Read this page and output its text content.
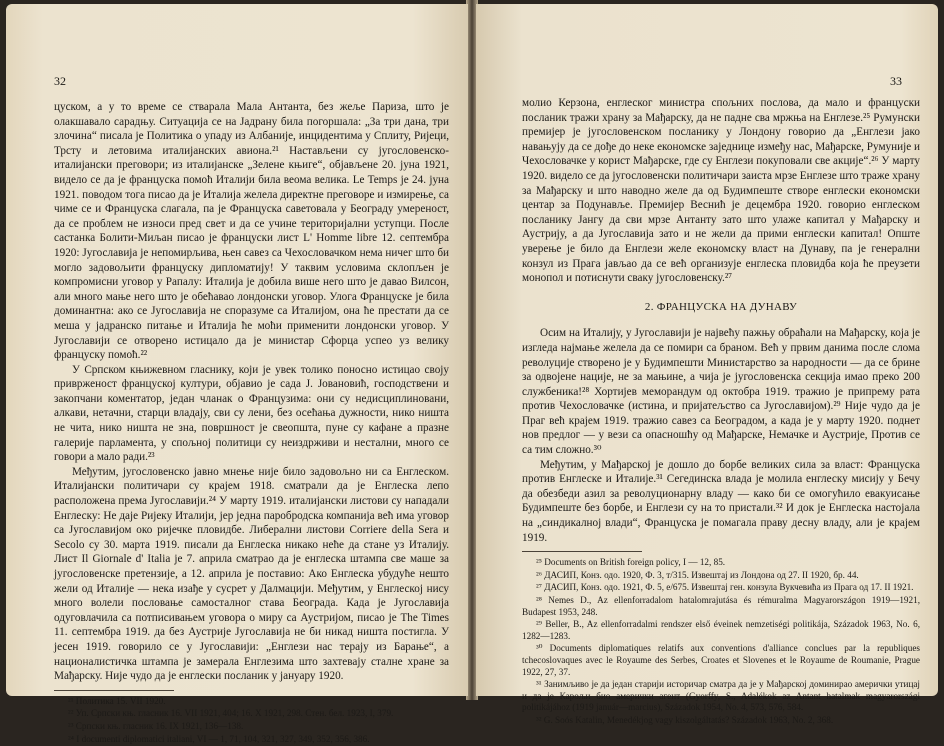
32

цуском, а у то време се стварала Мала Антанта, без жеље Париза, што је олакшавало сарадњу. Ситуација се на Јадрану била погоршала: „За три дана, три злочина“ писала је Политика о упаду из Албаније, инцидентима у Сплиту, Ријеци, Трсту и летовима италијанских авиона.²¹ Настављени су југословенско-италијански преговори; из италијанске „Зелене књиге“, објављене 20. јуна 1921, видело се да је француска помоћ Италији била веома велика. Le Temps је 24. јуна 1921. поводом тога писао да је Италија желела директне преговоре и измирење, са чиме се и Француска слагала, па је Француска саветовала у Београду умереност, да се проблем не износи пред свет и да се учине територијални уступци. После састанка Болити-Миљан писао је француски лист L' Homme libre 12. септембра 1920: Југославија је непомирљива, њен савез са Чехословачком нема ничег што би могло задовољити француску дипломатију! У таквим условима склопљен је компромисни уговор у Рапалу: Италија је добила више него што је давао Вилсон, али много мање него што је обећавао лондонски уговор. Улога Француске је била доминантна: ако се Југославија не споразуме са Италијом, она ће престати да се меша у јадранско питање и Италија ће моћи применити лондонски уговор. У Југославији се отворено истицало да је министар Сфорца успео уз велику француску помоћ.²²

У Српском књижевном гласнику, који је увек толико поносно истицао своју привржeност француској култури, објавио је сада Ј. Јовановић, господствени и закопчани коментатор, један чланак о Французима: они су недисциплиновани, алкави, нетачни, старци владају, сви су лени, без осећања дужности, нико ништа не чита, нико ништа не зна, површност је свеопшта, пуне су кафане а празне галерије парламента, у спољној политици су неиздрживи и нестални, много се говори а мало ради.²³

Међутим, југословенско јавно мнење није било задовољно ни са Енглеском. Италијански политичари су крајем 1918. сматрали да је Енглеска лепо расположена према Југославији.²⁴ У марту 1919. италијански листови су нападали Енглеску: Не даје Ријеку Италији, јер једна паробродска компанија већ има уговор са Југославијом око ријечке пловидбе. Либерални листови Corriere della Sera и Secolo су 30. марта 1919. писали да Енглеска никако неће да стане уз Италију. Лист Il Giornale d' Italia је 7. априла сматрао да је енглеска штампа све маше за југословенске претензије, а 12. априла је поставио: Ако Енглеска убудуће нешто жели од Италије — нека изађе у сусрет у Далмацији. Међутим, у Енглеској нису много волели пословање самосталног става Београда. Када је Југославија одуговлачила са потписивањем уговора о миру са Аустријом, писао је The Times 11. септембра 1919. да без Аустрије Југославија не би никад ништа постигла. У јесен 1919. говорило се у Југославији: „Енглези нас терају из Барање“, а националистичка штампа је замерала Енглезима што захтевају сталне хране за Мађарску. Није чудо да је енглески посланик у јануару 1920.

²¹ Политика 15. VII 1920.
²² Уп. Српски књ. гласник 16. VII 1921, 404; 16. X 1921, 298. Стен. бел. 1923, I, 379.
²³ Српски књ. гласник 16. IX 1921, 136—138.
²⁴ I documenti diplomatici italiani, VI — 1, 71, 104, 321, 327, 349, 352, 356, 386.
33

молио Керзона, енглеског министра спољних послова, да мало и француски посланик тражи храну за Мађарску, да не падне сва мржња на Енглезе.²⁵ Румунски премијер је југословенском посланику у Лондону говорио да „Енглези јако навањују да се дође до неке економске заједнице између нас, Мађарске, Румуније и Чехословачке у корист Мађарске, где су Енглези покуповали све акције“.²⁶ У марту 1920. видело се да југословенски политичари заиста мрзе Енглезе што траже храну за Мађарску и што наводно желе да од Будимпеште створе енглески економски центар за Подунавље. Премијер Веснић је децембра 1920. говорио енглеском посланику Јангу да сви мрзе Антанту зато што улаже капитал у Мађарску и Аустрију, а да Југославија зато и не жели да прими енглески капитал! Опште уверење је било да Енглези желе економску власт на Дунаву, па је генерални конзул из Прага јављао да се већ организује енглеска пловидба која ће преузети монопол и потиснути сваку југословенску.²⁷

2. ФРАНЦУСКА НА ДУНАВУ

Осим на Италију, у Југославији је највећу пажњу обраћали на Мађарску, која је изгледа најмање желела да се помири са браном. Већ у првим данима после слома револуције створено је у Будимпешти Министарство за народности — да се брине за одвојене нације, не за мањине, а чија је југословенска секција имао преко 200 службеника!²⁸ Хортијев меморандум од октобра 1919. тражио је припрему рата против Чехословачке (истина, и пријатељство са Југославијом).²⁹ Није чудо да је Праг већ крајем 1919. тражио савез са Београдом, а када је у марту 1920. поднет нов предлог — у вези са опасношћу од Мађарске, Немачке и Аустрије, Против се са тим сложно.³⁰

Међутим, у Мађарској је дошло до борбе великих сила за власт: Француска против Енглеске и Италије.³¹ Сегединска влада је молила енглеску мисију у Бечу да обезбеди азил за револуционарну владу — како би се омогућило евакуисање Будимпеште без борбе, и Енглези су на то пристали.³² И док је Енглеска настојала на „синдикалној влади“, Француска је помагала праву десну владу, али је крајем 1919.

²⁵ Documents on British foreign policy, I — 12, 85.
²⁶ ДАСИП, Конз. одо. 1920, Ф. 3, т/315. Извештај из Лондона од 27. II 1920, бр. 44.
²⁷ ДАСИП, Конз. одо. 1921, Ф. 5, е/675. Извештај ген. конзула Вукчевића из Прага од 17. II 1921.
²⁸ Nemes D., Az ellenforradalom hatalomrajutása és rémuralma Magyarországon 1919—1921, Budapest 1953, 248.
²⁹ Beller, B., Az ellenforradalmi rendszer első éveinek nemzetiségi politikája, Századok 1963, No. 6, 1282—1283.
³⁰ Documents diplomatiques relatifs aux conventions d'alliance conclues par la republiques tchecoslovaques avec le Royaume des Serbes, Croates et Slovenes et le Royaume de Roumanie, Prague 1922, 27, 37.
³¹ Занимљиво је да један старији историчар сматра да је у Мађарској доминирао амерички утицај и да је Карољи био амерички агент (Gyorffy, S., Adalékok az Antant hatalmak magyarországi politikájához (1919 január—marcius), Századok 1954, No. 4, 573, 576, 584.
³² G. Soós Katalin, Menedékjog vagy kiszolgáltatás? Századok 1963, No. 2, 368.
